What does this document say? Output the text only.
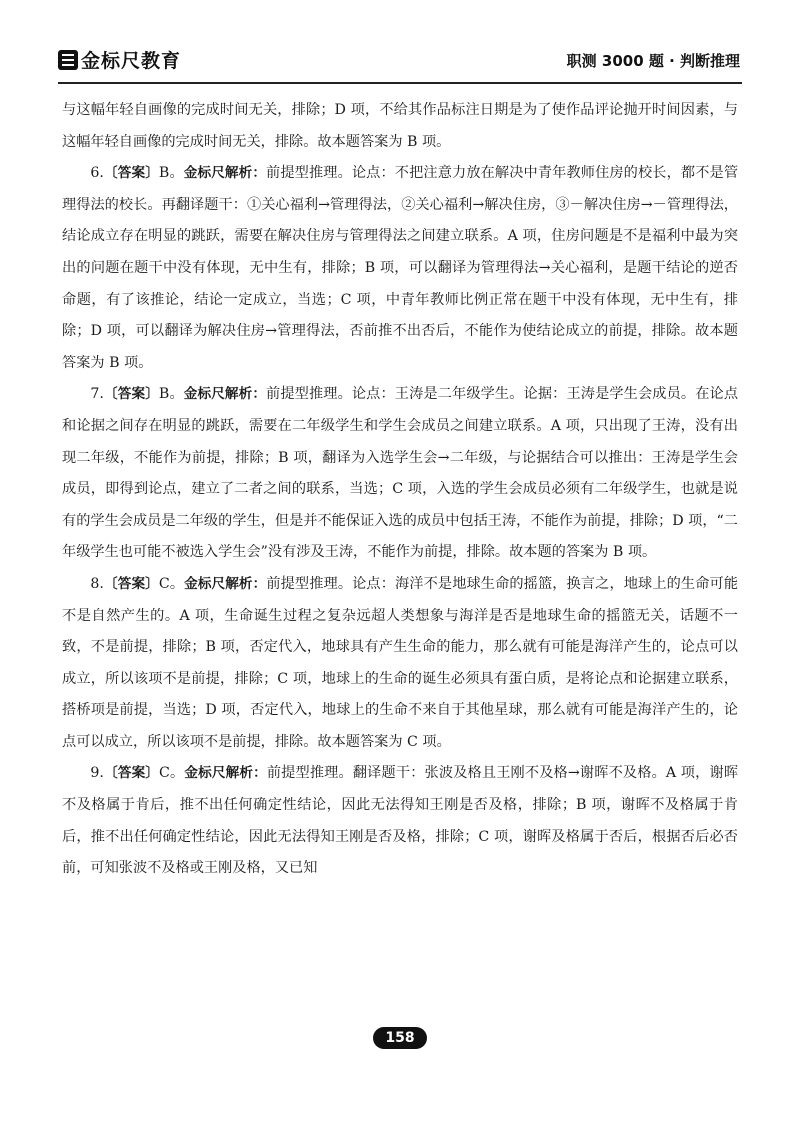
金标尺教育	职测 3000 题 · 判断推理

与这幅年轻自画像的完成时间无关，排除；D 项，不给其作品标注日期是为了使作品评论抛开时间因素，与这幅年轻自画像的完成时间无关，排除。故本题答案为 B 项。

6.〔答案〕B。金标尺解析：前提型推理。论点：不把注意力放在解决中青年教师住房的校长，都不是管理得法的校长。再翻译题干：①关心福利→管理得法，②关心福利→解决住房，③－解决住房→－管理得法，结论成立存在明显的跳跃，需要在解决住房与管理得法之间建立联系。A 项，住房问题是不是福利中最为突出的问题在题干中没有体现，无中生有，排除；B 项，可以翻译为管理得法→关心福利，是题干结论的逆否命题，有了该推论，结论一定成立，当选；C 项，中青年教师比例正常在题干中没有体现，无中生有，排除；D 项，可以翻译为解决住房→管理得法，否前推不出否后，不能作为使结论成立的前提，排除。故本题答案为 B 项。

7.〔答案〕B。金标尺解析：前提型推理。论点：王涛是二年级学生。论据：王涛是学生会成员。在论点和论据之间存在明显的跳跃，需要在二年级学生和学生会成员之间建立联系。A 项，只出现了王涛，没有出现二年级，不能作为前提，排除；B 项，翻译为入选学生会→二年级，与论据结合可以推出：王涛是学生会成员，即得到论点，建立了二者之间的联系，当选；C 项，入选的学生会成员必须有二年级学生，也就是说有的学生会成员是二年级的学生，但是并不能保证入选的成员中包括王涛，不能作为前提，排除；D 项，“二年级学生也可能不被选入学生会”没有涉及王涛，不能作为前提，排除。故本题的答案为 B 项。

8.〔答案〕C。金标尺解析：前提型推理。论点：海洋不是地球生命的摇篮，换言之，地球上的生命可能不是自然产生的。A 项，生命诞生过程之复杂远超人类想象与海洋是否是地球生命的摇篮无关，话题不一致，不是前提，排除；B 项，否定代入，地球具有产生生命的能力，那么就有可能是海洋产生的，论点可以成立，所以该项不是前提，排除；C 项，地球上的生命的诞生必须具有蛋白质，是将论点和论据建立联系，搭桥项是前提，当选；D 项，否定代入，地球上的生命不来自于其他星球，那么就有可能是海洋产生的，论点可以成立，所以该项不是前提，排除。故本题答案为 C 项。

9.〔答案〕C。金标尺解析：前提型推理。翻译题干：张波及格且王刚不及格→谢晖不及格。A 项，谢晖不及格属于肯后，推不出任何确定性结论，因此无法得知王刚是否及格，排除；B 项，谢晖不及格属于肯后，推不出任何确定性结论，因此无法得知王刚是否及格，排除；C 项，谢晖及格属于否后，根据否后必否前，可知张波不及格或王刚及格，又已知

158
